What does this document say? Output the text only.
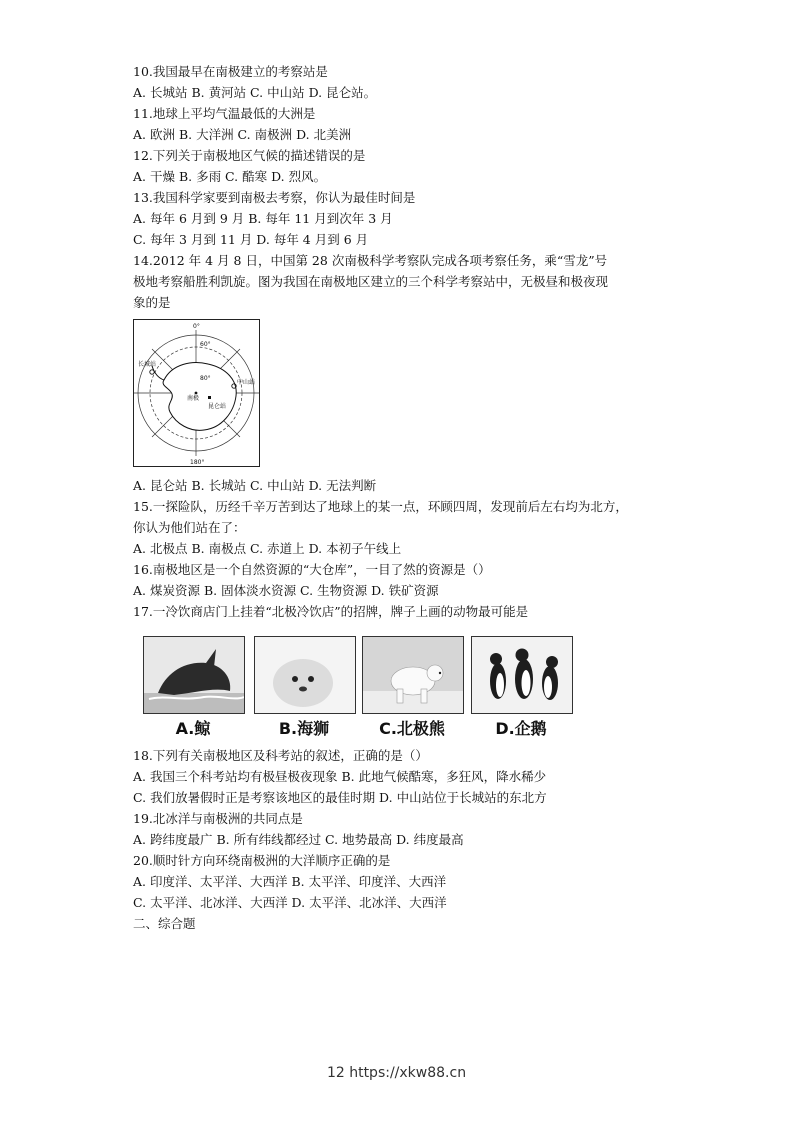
10.我国最早在南极建立的考察站是
A. 长城站 B. 黄河站 C. 中山站 D. 昆仑站。
11.地球上平均气温最低的大洲是
A. 欧洲 B. 大洋洲 C. 南极洲 D. 北美洲
12.下列关于南极地区气候的描述错误的是
A. 干燥 B. 多雨 C. 酷寒 D. 烈风。
13.我国科学家要到南极去考察，你认为最佳时间是
A. 每年 6 月到 9 月 B. 每年 11 月到次年 3 月
C. 每年 3 月到 11 月 D. 每年 4 月到 6 月
14.2012 年 4 月 8 日，中国第 28 次南极科学考察队完成各项考察任务，乘“雪龙”号
极地考察船胜利凯旋。图为我国在南极地区建立的三个科学考察站中，无极昼和极夜现
象的是
0°
180°
60°
80°
长城站
中山站
昆仑站
南极
A. 昆仑站 B. 长城站 C. 中山站 D. 无法判断
15.一探险队，历经千辛万苦到达了地球上的某一点，环顾四周，发现前后左右均为北方，
你认为他们站在了：
A. 北极点 B. 南极点 C. 赤道上 D. 本初子午线上
16.南极地区是一个自然资源的“大仓库”，一目了然的资源是（）
A. 煤炭资源 B. 固体淡水资源 C. 生物资源 D. 铁矿资源
17.一冷饮商店门上挂着“北极冷饮店”的招牌，牌子上画的动物最可能是
A.鲸	B.海狮	C.北极熊	D.企鹅
18.下列有关南极地区及科考站的叙述，正确的是（）
A. 我国三个科考站均有极昼极夜现象 B. 此地气候酷寒，多狂风，降水稀少
C. 我们放暑假时正是考察该地区的最佳时期 D. 中山站位于长城站的东北方
19.北冰洋与南极洲的共同点是
A. 跨纬度最广 B. 所有纬线都经过 C. 地势最高 D. 纬度最高
20.顺时针方向环绕南极洲的大洋顺序正确的是
A. 印度洋、太平洋、大西洋 B. 太平洋、印度洋、大西洋
C. 太平洋、北冰洋、大西洋 D. 太平洋、北冰洋、大西洋
二、综合题
12 https://xkw88.cn
